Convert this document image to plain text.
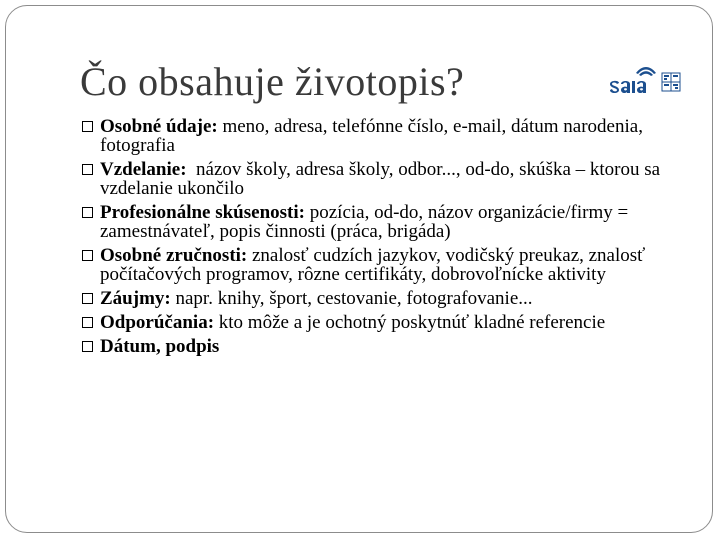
Čo obsahuje životopis?
Osobné údaje: meno, adresa, telefónne číslo, e-mail, dátum narodenia, fotografia
Vzdelanie:  názov školy, adresa školy, odbor..., od-do, skúška – ktorou sa vzdelanie ukončilo
Profesionálne skúsenosti: pozícia, od-do, názov organizácie/firmy = zamestnávateľ, popis činnosti (práca, brigáda)
Osobné zručnosti: znalosť cudzích jazykov, vodičský preukaz, znalosť počítačových programov, rôzne certifikáty, dobrovoľnícke aktivity
Záujmy: napr. knihy, šport, cestovanie, fotografovanie...
Odporúčania: kto môže a je ochotný poskytnúť kladné referencie
Dátum, podpis
